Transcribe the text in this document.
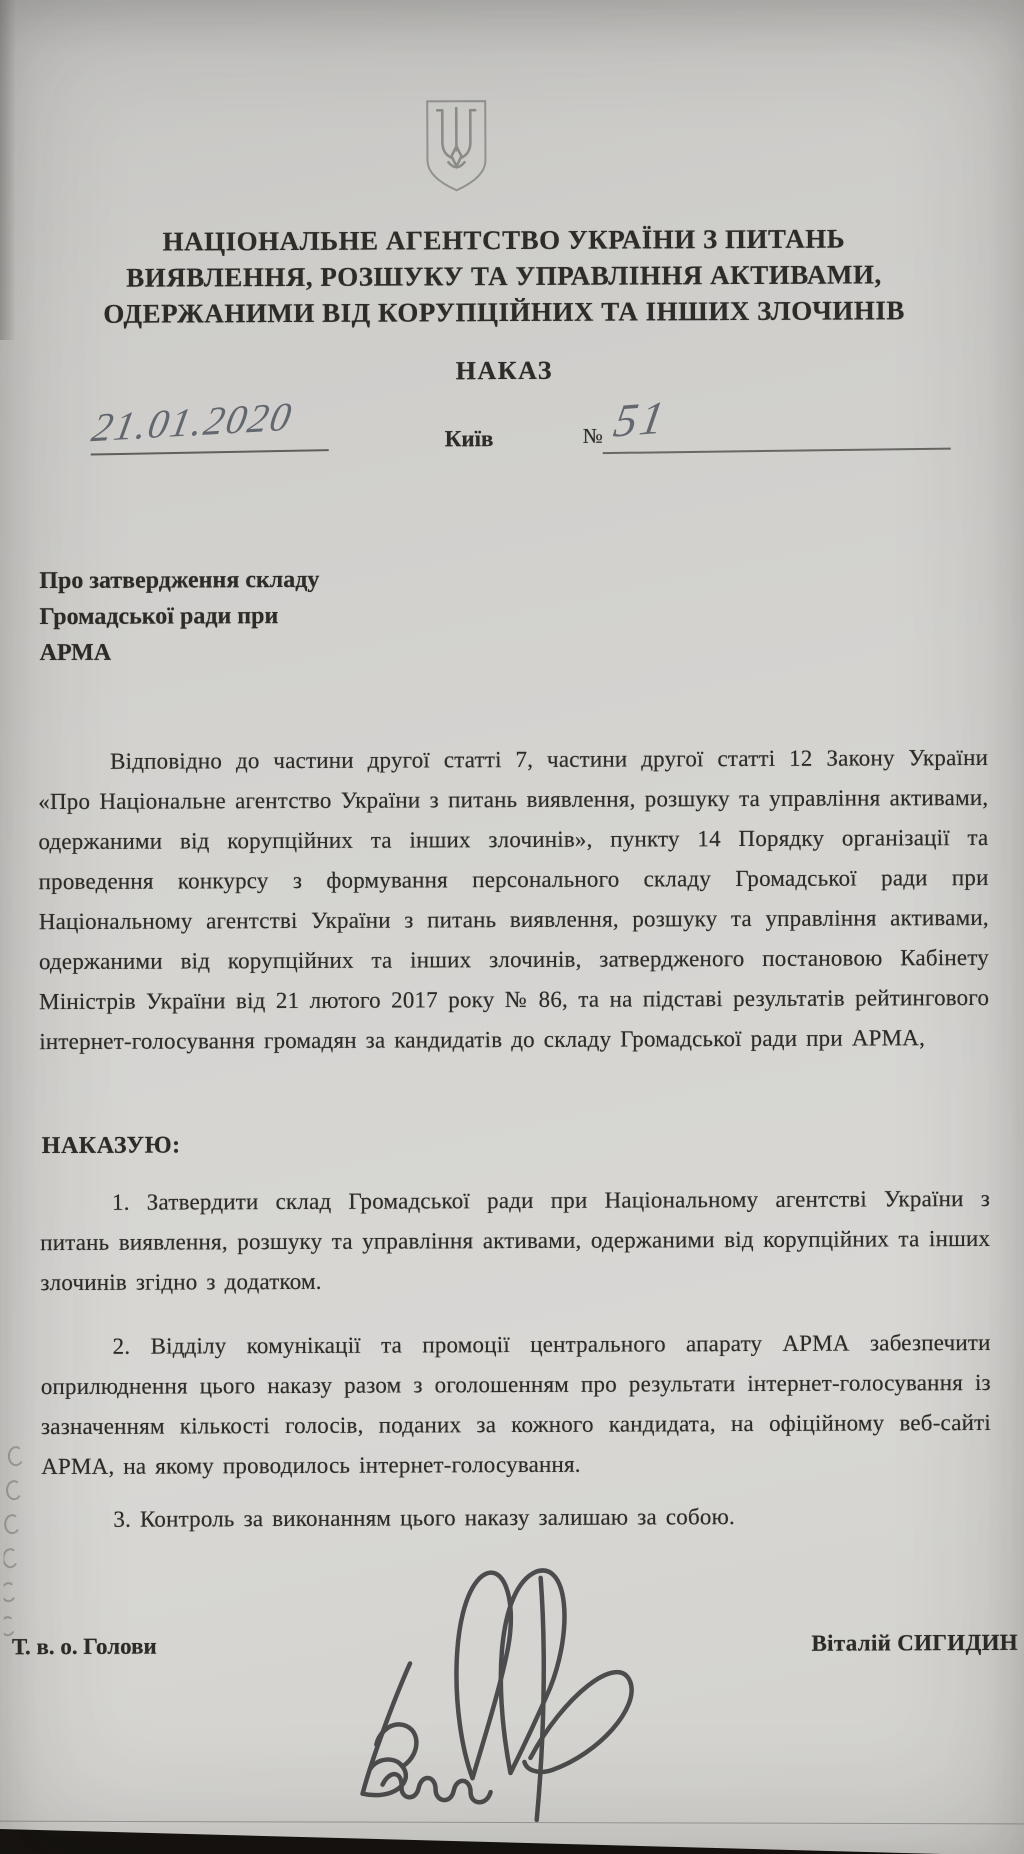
НАЦІОНАЛЬНЕ АГЕНТСТВО УКРАЇНИ З ПИТАНЬ
ВИЯВЛЕННЯ, РОЗШУКУ ТА УПРАВЛІННЯ АКТИВАМИ,
ОДЕРЖАНИМИ ВІД КОРУПЦІЙНИХ ТА ІНШИХ ЗЛОЧИНІВ
НАКАЗ
21.01.2020	Київ	№ 51
Про затвердження складу
Громадської ради при
АРМА
Відповідно до частини другої статті 7, частини другої статті 12 Закону України «Про Національне агентство України з питань виявлення, розшуку та управління активами, одержаними від корупційних та інших злочинів», пункту 14 Порядку організації та проведення конкурсу з формування персонального складу Громадської ради при Національному агентстві України з питань виявлення, розшуку та управління активами, одержаними від корупційних та інших злочинів, затвердженого постановою Кабінету Міністрів України від 21 лютого 2017 року № 86, та на підставі результатів рейтингового інтернет-голосування громадян за кандидатів до складу Громадської ради при АРМА,
НАКАЗУЮ:
1. Затвердити склад Громадської ради при Національному агентстві України з питань виявлення, розшуку та управління активами, одержаними від корупційних та інших злочинів згідно з додатком.
2. Відділу комунікації та промоції центрального апарату АРМА забезпечити оприлюднення цього наказу разом з оголошенням про результати інтернет-голосування із зазначенням кількості голосів, поданих за кожного кандидата, на офіційному веб-сайті АРМА, на якому проводилось інтернет-голосування.
3. Контроль за виконанням цього наказу залишаю за собою.
Т. в. о. Голови	Віталій СИГИДИН
